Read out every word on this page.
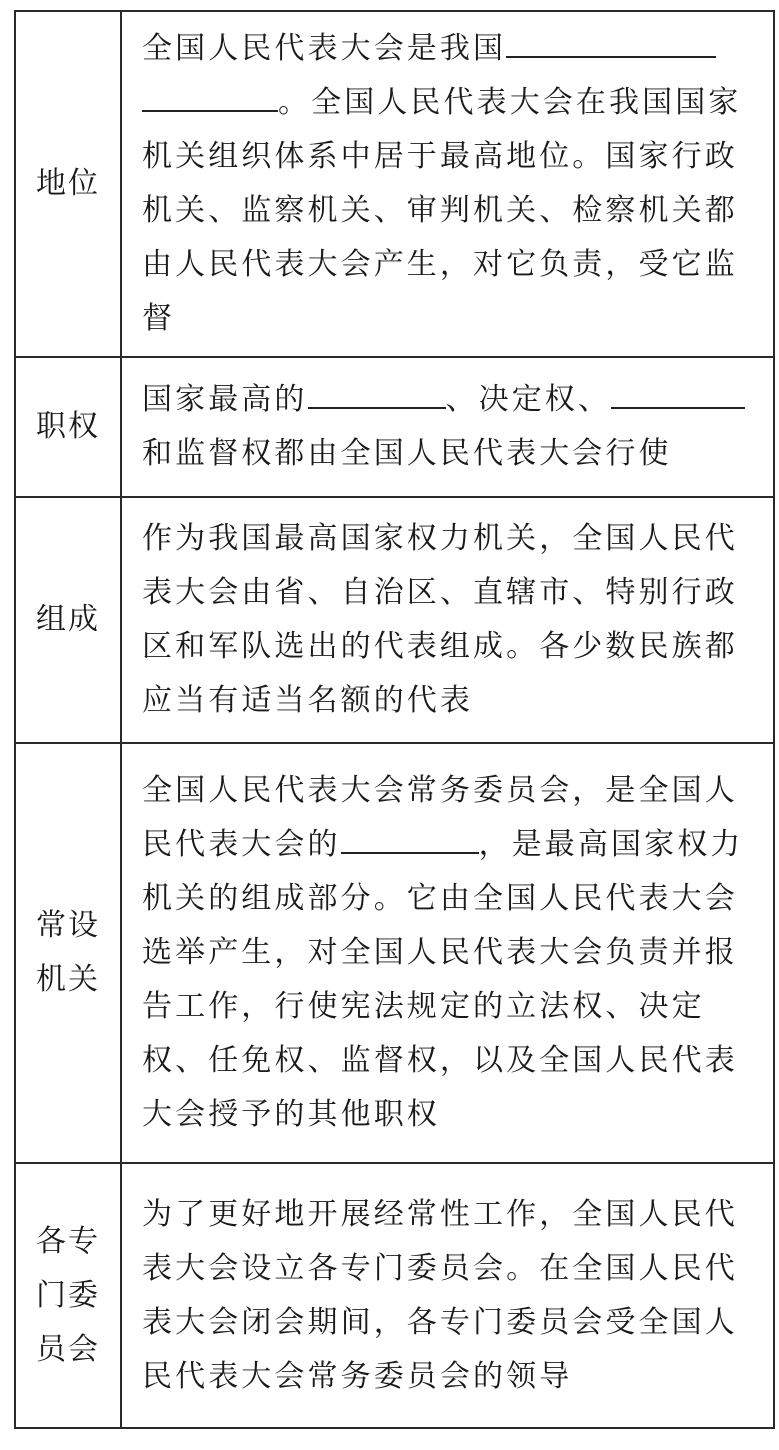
地位

全国人民代表大会是我国。全国人民代表大会在我国国家机关组织体系中居于最高地位。国家行政机关、监察机关、审判机关、检察机关都由人民代表大会产生，对它负责，受它监督

职权

国家最高的	、决定权、和监督权都由全国人民代表大会行使

组成

作为我国最高国家权力机关，全国人民代表大会由省、自治区、直辖市、特别行政区和军队选出的代表组成。各少数民族都应当有适当名额的代表

常设机关

全国人民代表大会常务委员会，是全国人民代表大会的	，是最高国家权力机关的组成部分。它由全国人民代表大会选举产生，对全国人民代表大会负责并报告工作，行使宪法规定的立法权、决定权、任免权、监督权，以及全国人民代表大会授予的其他职权

各专门委员会

为了更好地开展经常性工作，全国人民代表大会设立各专门委员会。在全国人民代表大会闭会期间，各专门委员会受全国人民代表大会常务委员会的领导
